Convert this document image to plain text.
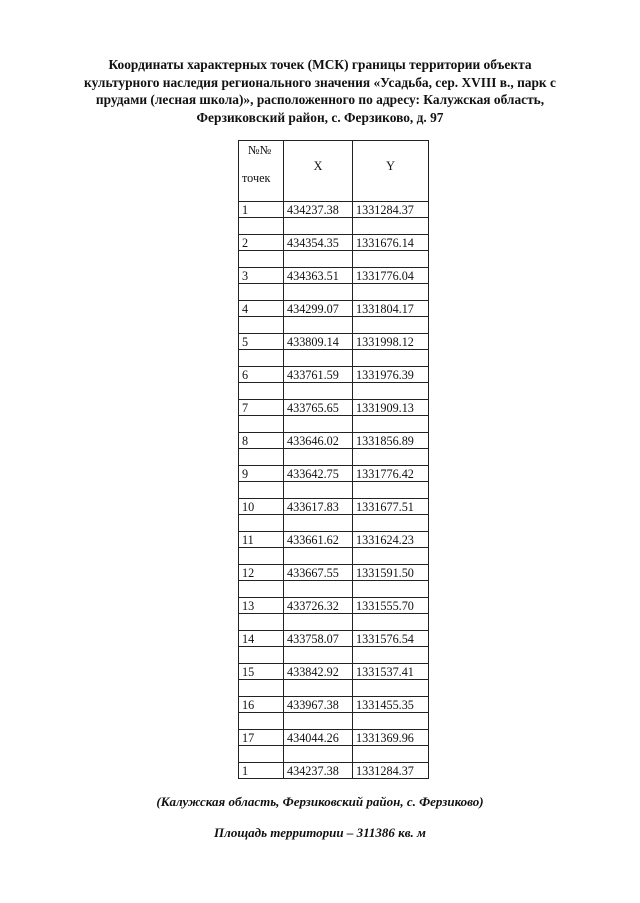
Координаты характерных точек (МСК) границы территории объекта
культурного наследия регионального значения «Усадьба, сер. XVIII в., парк с
прудами (лесная школа)», расположенного по адресу: Калужская область,
Ферзиковский район, с. Ферзиково, д. 97
№№
точек	X	Y

1	434237.38	1331284.37

2	434354.35	1331676.14

3	434363.51	1331776.04

4	434299.07	1331804.17

5	433809.14	1331998.12

6	433761.59	1331976.39

7	433765.65	1331909.13

8	433646.02	1331856.89

9	433642.75	1331776.42

10	433617.83	1331677.51

11	433661.62	1331624.23

12	433667.55	1331591.50

13	433726.32	1331555.70

14	433758.07	1331576.54

15	433842.92	1331537.41

16	433967.38	1331455.35

17	434044.26	1331369.96

1	434237.38	1331284.37
(Калужская область, Ферзиковский район, с. Ферзиково)
Площадь территории – 311386 кв. м
